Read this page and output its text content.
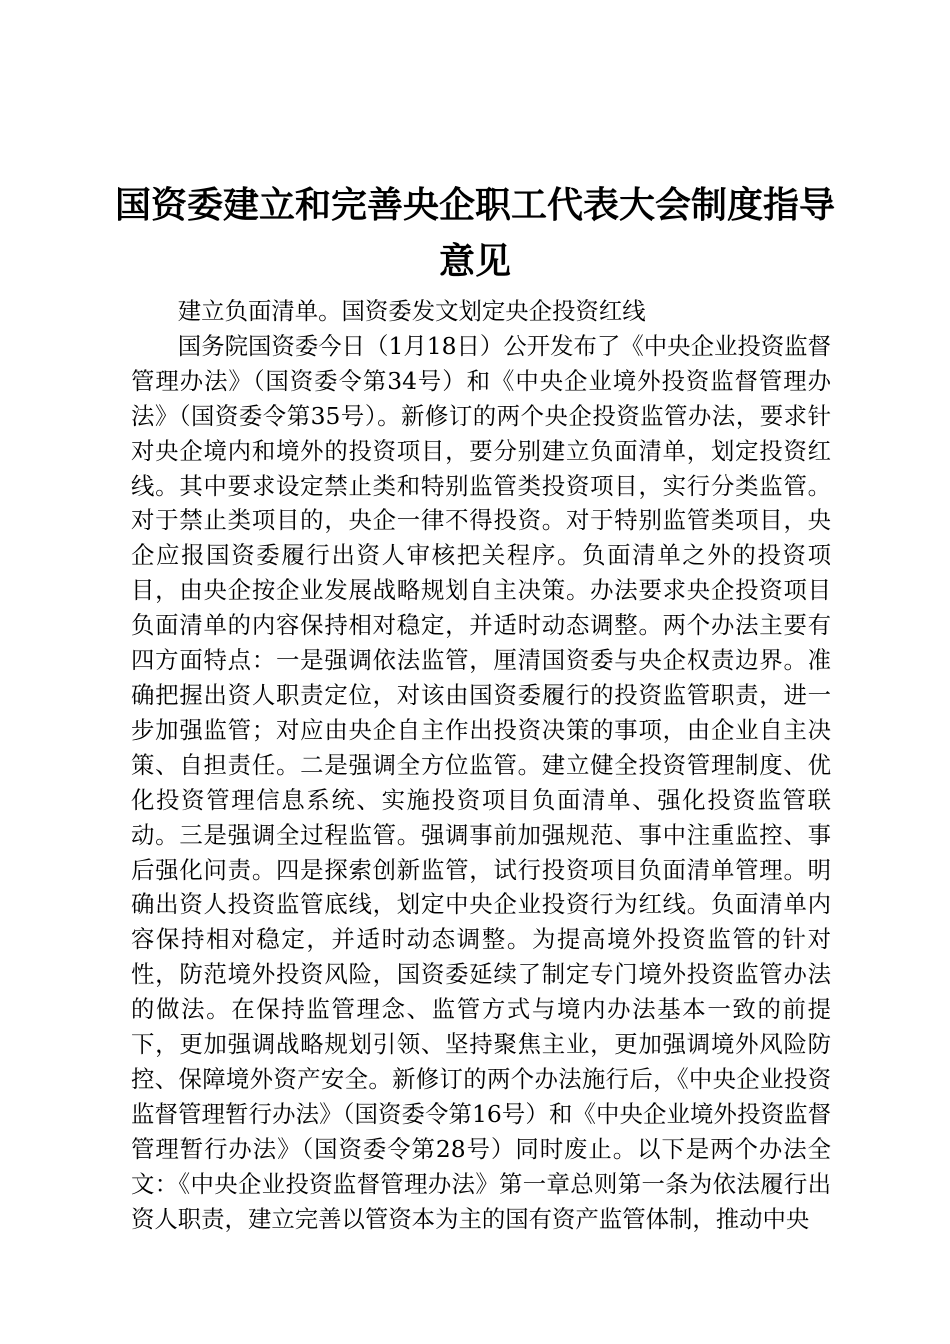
国资委建立和完善央企职工代表大会制度指导意见

建立负面清单。国资委发文划定央企投资红线

国务院国资委今日（1月18日）公开发布了《中央企业投资监督管理办法》（国资委令第34号）和《中央企业境外投资监督管理办法》（国资委令第35号）。新修订的两个央企投资监管办法，要求针对央企境内和境外的投资项目，要分别建立负面清单，划定投资红线。其中要求设定禁止类和特别监管类投资项目，实行分类监管。对于禁止类项目的，央企一律不得投资。对于特别监管类项目，央企应报国资委履行出资人审核把关程序。负面清单之外的投资项目，由央企按企业发展战略规划自主决策。办法要求央企投资项目负面清单的内容保持相对稳定，并适时动态调整。两个办法主要有四方面特点：一是强调依法监管，厘清国资委与央企权责边界。准确把握出资人职责定位，对该由国资委履行的投资监管职责，进一步加强监管；对应由央企自主作出投资决策的事项，由企业自主决策、自担责任。二是强调全方位监管。建立健全投资管理制度、优化投资管理信息系统、实施投资项目负面清单、强化投资监管联动。三是强调全过程监管。强调事前加强规范、事中注重监控、事后强化问责。四是探索创新监管，试行投资项目负面清单管理。明确出资人投资监管底线，划定中央企业投资行为红线。负面清单内容保持相对稳定，并适时动态调整。为提高境外投资监管的针对性，防范境外投资风险，国资委延续了制定专门境外投资监管办法的做法。在保持监管理念、监管方式与境内办法基本一致的前提下，更加强调战略规划引领、坚持聚焦主业，更加强调境外风险防控、保障境外资产安全。新修订的两个办法施行后，《中央企业投资监督管理暂行办法》（国资委令第16号）和《中央企业境外投资监督管理暂行办法》（国资委令第28号）同时废止。以下是两个办法全文：《中央企业投资监督管理办法》第一章总则第一条为依法履行出资人职责，建立完善以管资本为主的国有资产监管体制，推动中央
